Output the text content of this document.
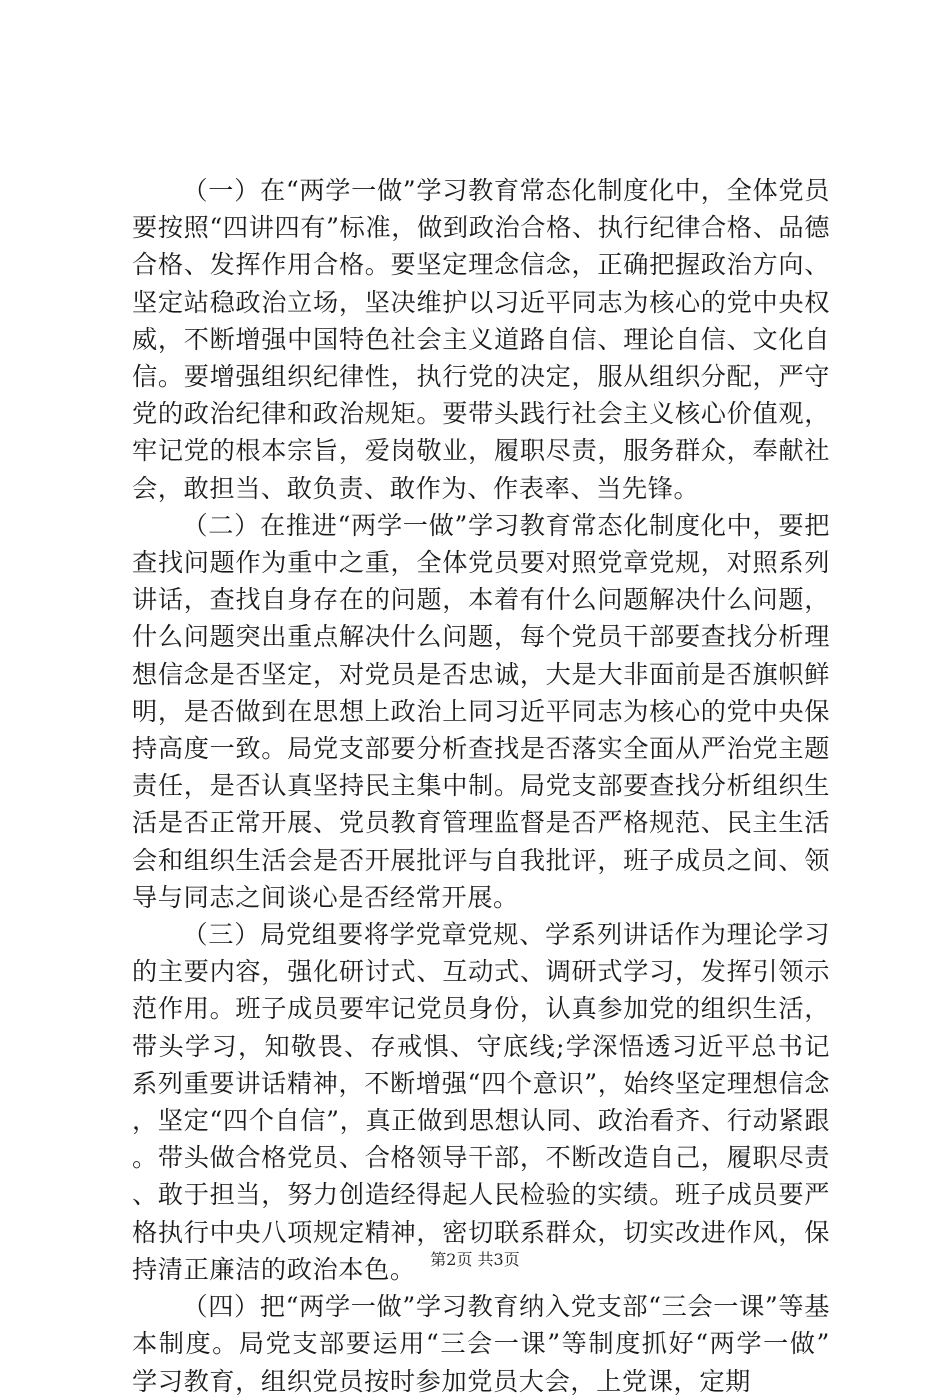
（一）在“两学一做”学习教育常态化制度化中，全体党员要按照“四讲四有”标准，做到政治合格、执行纪律合格、品德合格、发挥作用合格。要坚定理念信念，正确把握政治方向、坚定站稳政治立场，坚决维护以习近平同志为核心的党中央权威，不断增强中国特色社会主义道路自信、理论自信、文化自信。要增强组织纪律性，执行党的决定，服从组织分配，严守党的政治纪律和政治规矩。要带头践行社会主义核心价值观，牢记党的根本宗旨，爱岗敬业，履职尽责，服务群众，奉献社会，敢担当、敢负责、敢作为、作表率、当先锋。

（二）在推进“两学一做”学习教育常态化制度化中，要把查找问题作为重中之重，全体党员要对照党章党规，对照系列讲话，查找自身存在的问题，本着有什么问题解决什么问题，什么问题突出重点解决什么问题，每个党员干部要查找分析理想信念是否坚定，对党员是否忠诚，大是大非面前是否旗帜鲜明，是否做到在思想上政治上同习近平同志为核心的党中央保持高度一致。局党支部要分析查找是否落实全面从严治党主题责任，是否认真坚持民主集中制。局党支部要查找分析组织生活是否正常开展、党员教育管理监督是否严格规范、民主生活会和组织生活会是否开展批评与自我批评，班子成员之间、领导与同志之间谈心是否经常开展。

（三）局党组要将学党章党规、学系列讲话作为理论学习的主要内容，强化研讨式、互动式、调研式学习，发挥引领示范作用。班子成员要牢记党员身份，认真参加党的组织生活，带头学习，知敬畏、存戒惧、守底线;学深悟透习近平总书记系列重要讲话精神，不断增强“四个意识”，始终坚定理想信念，坚定“四个自信”，真正做到思想认同、政治看齐、行动紧跟。带头做合格党员、合格领导干部，不断改造自己，履职尽责、敢于担当，努力创造经得起人民检验的实绩。班子成员要严格执行中央八项规定精神，密切联系群众，切实改进作风，保持清正廉洁的政治本色。

（四）把“两学一做”学习教育纳入党支部“三会一课”等基本制度。局党支部要运用“三会一课”等制度抓好“两学一做”学习教育，组织党员按时参加党员大会，上党课，定期

第2页 共3页
